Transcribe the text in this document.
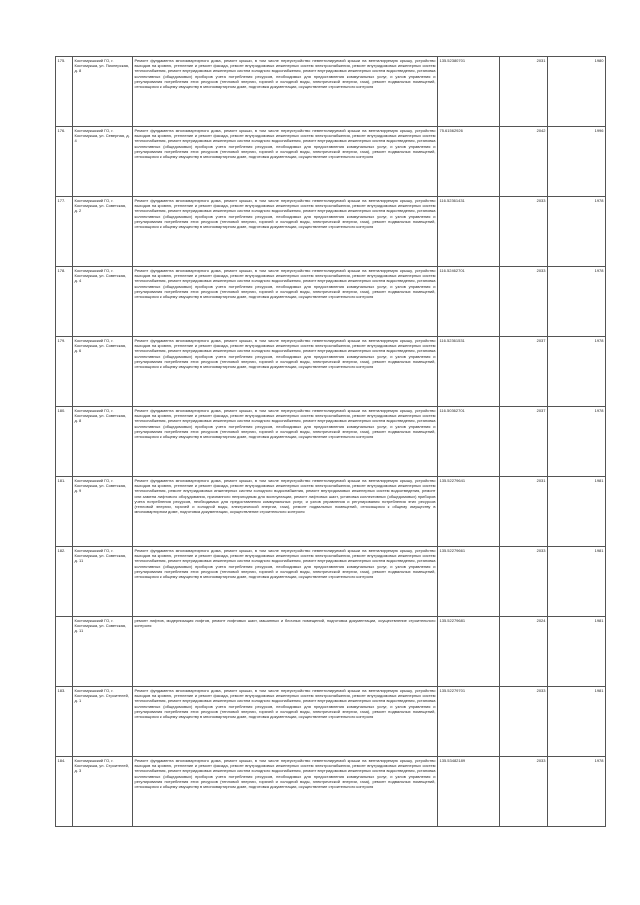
175.	Костомукшский ГО, г. Костомукша, ул. Пионерская, д. 8	Ремонт фундамента многоквартирного дома, ремонт крыши, в том числе переустройство невентилируемой крыши на вентилируемую крышу, устройство выходов на кровлю, утепление и ремонт фасада, ремонт внутридомовых инженерных систем электроснабжения, ремонт внутридомовых инженерных систем теплоснабжения, ремонт внутридомовых инженерных систем холодного водоснабжения, ремонт внутридомовых инженерных систем водоотведения, установка коллективных (общедомовых) приборов учета потребления ресурсов, необходимых для предоставления коммунальных услуг, и узлов управления и регулирования потребления этих ресурсов (тепловой энергии, горячей и холодной воды, электрической энергии, газа), ремонт подвальных помещений, относящихся к общему имуществу в многоквартирном доме, подготовка документации, осуществление строительного контроля	135.52380701	2031	1980
176.	Костомукшский ГО, г. Костомукша, ул. Северная, д. 4	Ремонт фундамента многоквартирного дома, ремонт крыши, в том числе переустройство невентилируемой крыши на вентилируемую крышу, устройство выходов на кровлю, утепление и ремонт фасада, ремонт внутридомовых инженерных систем электроснабжения, ремонт внутридомовых инженерных систем теплоснабжения, ремонт внутридомовых инженерных систем холодного водоснабжения, ремонт внутридомовых инженерных систем водоотведения, установка коллективных (общедомовых) приборов учета потребления ресурсов, необходимых для предоставления коммунальных услуг, и узлов управления и регулирования потребления этих ресурсов (тепловой энергии, горячей и холодной воды, электрической энергии, газа), ремонт подвальных помещений, относящихся к общему имуществу в многоквартирном доме, подготовка документации, осуществление строительного контроля	75.61562926	2042	1996
177.	Костомукшский ГО, г. Костомукша, ул. Советская, д. 2	Ремонт фундамента многоквартирного дома, ремонт крыши, в том числе переустройство невентилируемой крыши на вентилируемую крышу, устройство выходов на кровлю, утепление и ремонт фасада, ремонт внутридомовых инженерных систем электроснабжения, ремонт внутридомовых инженерных систем теплоснабжения, ремонт внутридомовых инженерных систем холодного водоснабжения, ремонт внутридомовых инженерных систем водоотведения, установка коллективных (общедомовых) приборов учета потребления ресурсов, необходимых для предоставления коммунальных услуг, и узлов управления и регулирования потребления этих ресурсов (тепловой энергии, горячей и холодной воды, электрической энергии, газа), ремонт подвальных помещений, относящихся к общему имуществу в многоквартирном доме, подготовка документации, осуществление строительного контроля	116.52361431	2033	1978
178.	Костомукшский ГО, г. Костомукша, ул. Советская, д. 4	Ремонт фундамента многоквартирного дома, ремонт крыши, в том числе переустройство невентилируемой крыши на вентилируемую крышу, устройство выходов на кровлю, утепление и ремонт фасада, ремонт внутридомовых инженерных систем электроснабжения, ремонт внутридомовых инженерных систем теплоснабжения, ремонт внутридомовых инженерных систем холодного водоснабжения, ремонт внутридомовых инженерных систем водоотведения, установка коллективных (общедомовых) приборов учета потребления ресурсов, необходимых для предоставления коммунальных услуг, и узлов управления и регулирования потребления этих ресурсов (тепловой энергии, горячей и холодной воды, электрической энергии, газа), ремонт подвальных помещений, относящихся к общему имуществу в многоквартирном доме, подготовка документации, осуществление строительного контроля	116.52462701	2033	1978
179.	Костомукшский ГО, г. Костомукша, ул. Советская, д. 6	Ремонт фундамента многоквартирного дома, ремонт крыши, в том числе переустройство невентилируемой крыши на вентилируемую крышу, устройство выходов на кровлю, утепление и ремонт фасада, ремонт внутридомовых инженерных систем электроснабжения, ремонт внутридомовых инженерных систем теплоснабжения, ремонт внутридомовых инженерных систем холодного водоснабжения, ремонт внутридомовых инженерных систем водоотведения, установка коллективных (общедомовых) приборов учета потребления ресурсов, необходимых для предоставления коммунальных услуг, и узлов управления и регулирования потребления этих ресурсов (тепловой энергии, горячей и холодной воды, электрической энергии, газа), ремонт подвальных помещений, относящихся к общему имуществу в многоквартирном доме, подготовка документации, осуществление строительного контроля	116.52361531	2037	1978
180.	Костомукшский ГО, г. Костомукша, ул. Советская, д. 8	Ремонт фундамента многоквартирного дома, ремонт крыши, в том числе переустройство невентилируемой крыши на вентилируемую крышу, устройство выходов на кровлю, утепление и ремонт фасада, ремонт внутридомовых инженерных систем электроснабжения, ремонт внутридомовых инженерных систем теплоснабжения, ремонт внутридомовых инженерных систем холодного водоснабжения, ремонт внутридомовых инженерных систем водоотведения, установка коллективных (общедомовых) приборов учета потребления ресурсов, необходимых для предоставления коммунальных услуг, и узлов управления и регулирования потребления этих ресурсов (тепловой энергии, горячей и холодной воды, электрической энергии, газа), ремонт подвальных помещений, относящихся к общему имуществу в многоквартирном доме, подготовка документации, осуществление строительного контроля	116.50362701	2037	1978
181.	Костомукшский ГО, г. Костомукша, ул. Советская, д. 9	Ремонт фундамента многоквартирного дома, ремонт крыши, в том числе переустройство невентилируемой крыши на вентилируемую крышу, устройство выходов на кровлю, утепление и ремонт фасада, ремонт внутридомовых инженерных систем электроснабжения, ремонт внутридомовых инженерных систем теплоснабжения, ремонт внутридомовых инженерных систем холодного водоснабжения, ремонт внутридомовых инженерных систем водоотведения, ремонт или замена лифтового оборудования, признанного непригодным для эксплуатации, ремонт лифтовых шахт, установка коллективных (общедомовых) приборов учета потребления ресурсов, необходимых для предоставления коммунальных услуг, и узлов управления и регулирования потребления этих ресурсов (тепловой энергии, горячей и холодной воды, электрической энергии, газа), ремонт подвальных помещений, относящихся к общему имуществу в многоквартирном доме, подготовка документации, осуществление строительного контроля	135.52279641	2031	1981
182.	Костомукшский ГО, г. Костомукша, ул. Советская, д. 11	Ремонт фундамента многоквартирного дома, ремонт крыши, в том числе переустройство невентилируемой крыши на вентилируемую крышу, устройство выходов на кровлю, утепление и ремонт фасада, ремонт внутридомовых инженерных систем электроснабжения, ремонт внутридомовых инженерных систем теплоснабжения, ремонт внутридомовых инженерных систем холодного водоснабжения, ремонт внутридомовых инженерных систем водоотведения, установка коллективных (общедомовых) приборов учета потребления ресурсов, необходимых для предоставления коммунальных услуг, и узлов управления и регулирования потребления этих ресурсов (тепловой энергии, горячей и холодной воды, электрической энергии, газа), ремонт подвальных помещений, относящихся к общему имуществу в многоквартирном доме, подготовка документации, осуществление строительного контроля	135.52279661	2033	1981
	Костомукшский ГО, г. Костомукша, ул. Советская, д. 11	ремонт лифтов, модернизация лифтов, ремонт лифтовых шахт, машинных и блочных помещений, подготовка документации, осуществление строительного контроля	135.52279681	2024	1981
183.	Костомукшский ГО, г. Костомукша, ул. Строителей, д. 1	Ремонт фундамента многоквартирного дома, ремонт крыши, в том числе переустройство невентилируемой крыши на вентилируемую крышу, устройство выходов на кровлю, утепление и ремонт фасада, ремонт внутридомовых инженерных систем электроснабжения, ремонт внутридомовых инженерных систем теплоснабжения, ремонт внутридомовых инженерных систем холодного водоснабжения, ремонт внутридомовых инженерных систем водоотведения, установка коллективных (общедомовых) приборов учета потребления ресурсов, необходимых для предоставления коммунальных услуг, и узлов управления и регулирования потребления этих ресурсов (тепловой энергии, горячей и холодной воды, электрической энергии, газа), ремонт подвальных помещений, относящихся к общему имуществу в многоквартирном доме, подготовка документации, осуществление строительного контроля	135.52279701	2033	1981
184.	Костомукшский ГО, г. Костомукша, ул. Строителей, д. 3	Ремонт фундамента многоквартирного дома, ремонт крыши, в том числе переустройство невентилируемой крыши на вентилируемую крышу, устройство выходов на кровлю, утепление и ремонт фасада, ремонт внутридомовых инженерных систем электроснабжения, ремонт внутридомовых инженерных систем теплоснабжения, ремонт внутридомовых инженерных систем холодного водоснабжения, ремонт внутридомовых инженерных систем водоотведения, установка коллективных (общедомовых) приборов учета потребления ресурсов, необходимых для предоставления коммунальных услуг, и узлов управления и регулирования потребления этих ресурсов (тепловой энергии, горячей и холодной воды, электрической энергии, газа), ремонт подвальных помещений, относящихся к общему имуществу в многоквартирном доме, подготовка документации, осуществление строительного контроля	135.53482189	2033	1978
